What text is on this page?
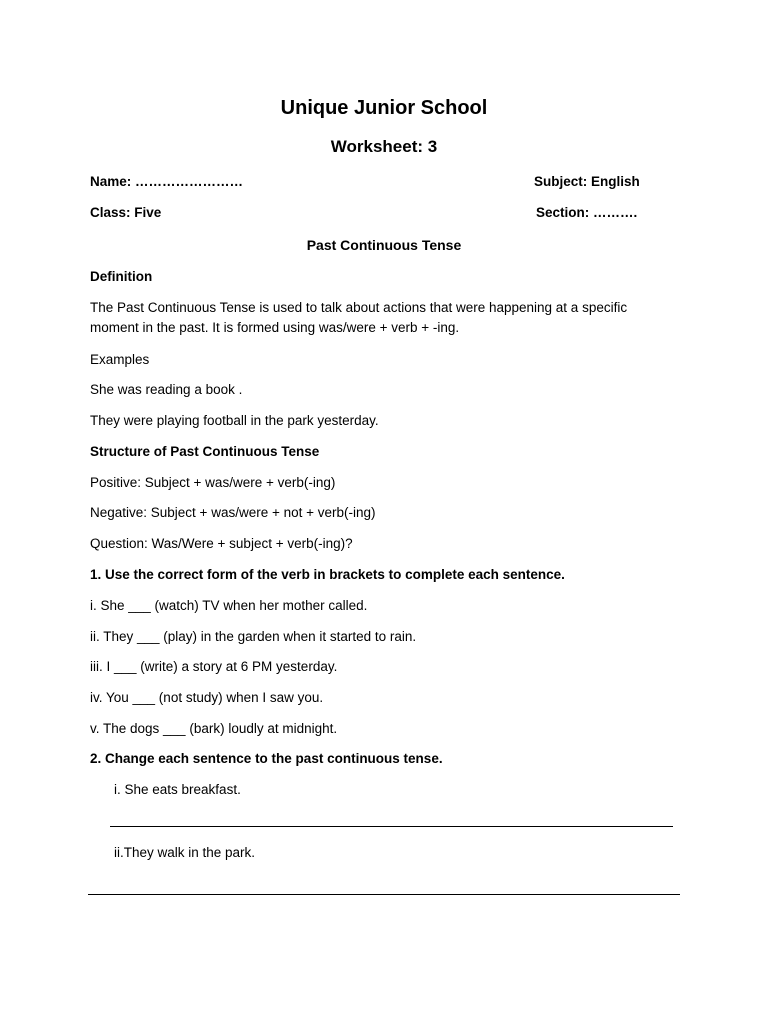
Unique Junior School
Worksheet: 3
Name: ……………………	Subject: English
Class: Five	Section: ……….
Past Continuous Tense
Definition
The Past Continuous Tense is used to talk about actions that were happening at a specific moment in the past. It is formed using was/were + verb + -ing.
Examples
She was reading a book .
They were playing football in the park yesterday.
Structure of Past Continuous Tense
Positive: Subject + was/were + verb(-ing)
Negative: Subject + was/were + not + verb(-ing)
Question: Was/Were + subject + verb(-ing)?
1. Use the correct form of the verb in brackets to complete each sentence.
i. She ___ (watch) TV when her mother called.
ii. They ___ (play) in the garden when it started to rain.
iii. I ___ (write) a story at 6 PM yesterday.
iv. You ___ (not study) when I saw you.
v. The dogs ___ (bark) loudly at midnight.
2. Change each sentence to the past continuous tense.
i. She eats breakfast.
ii.They walk in the park.
